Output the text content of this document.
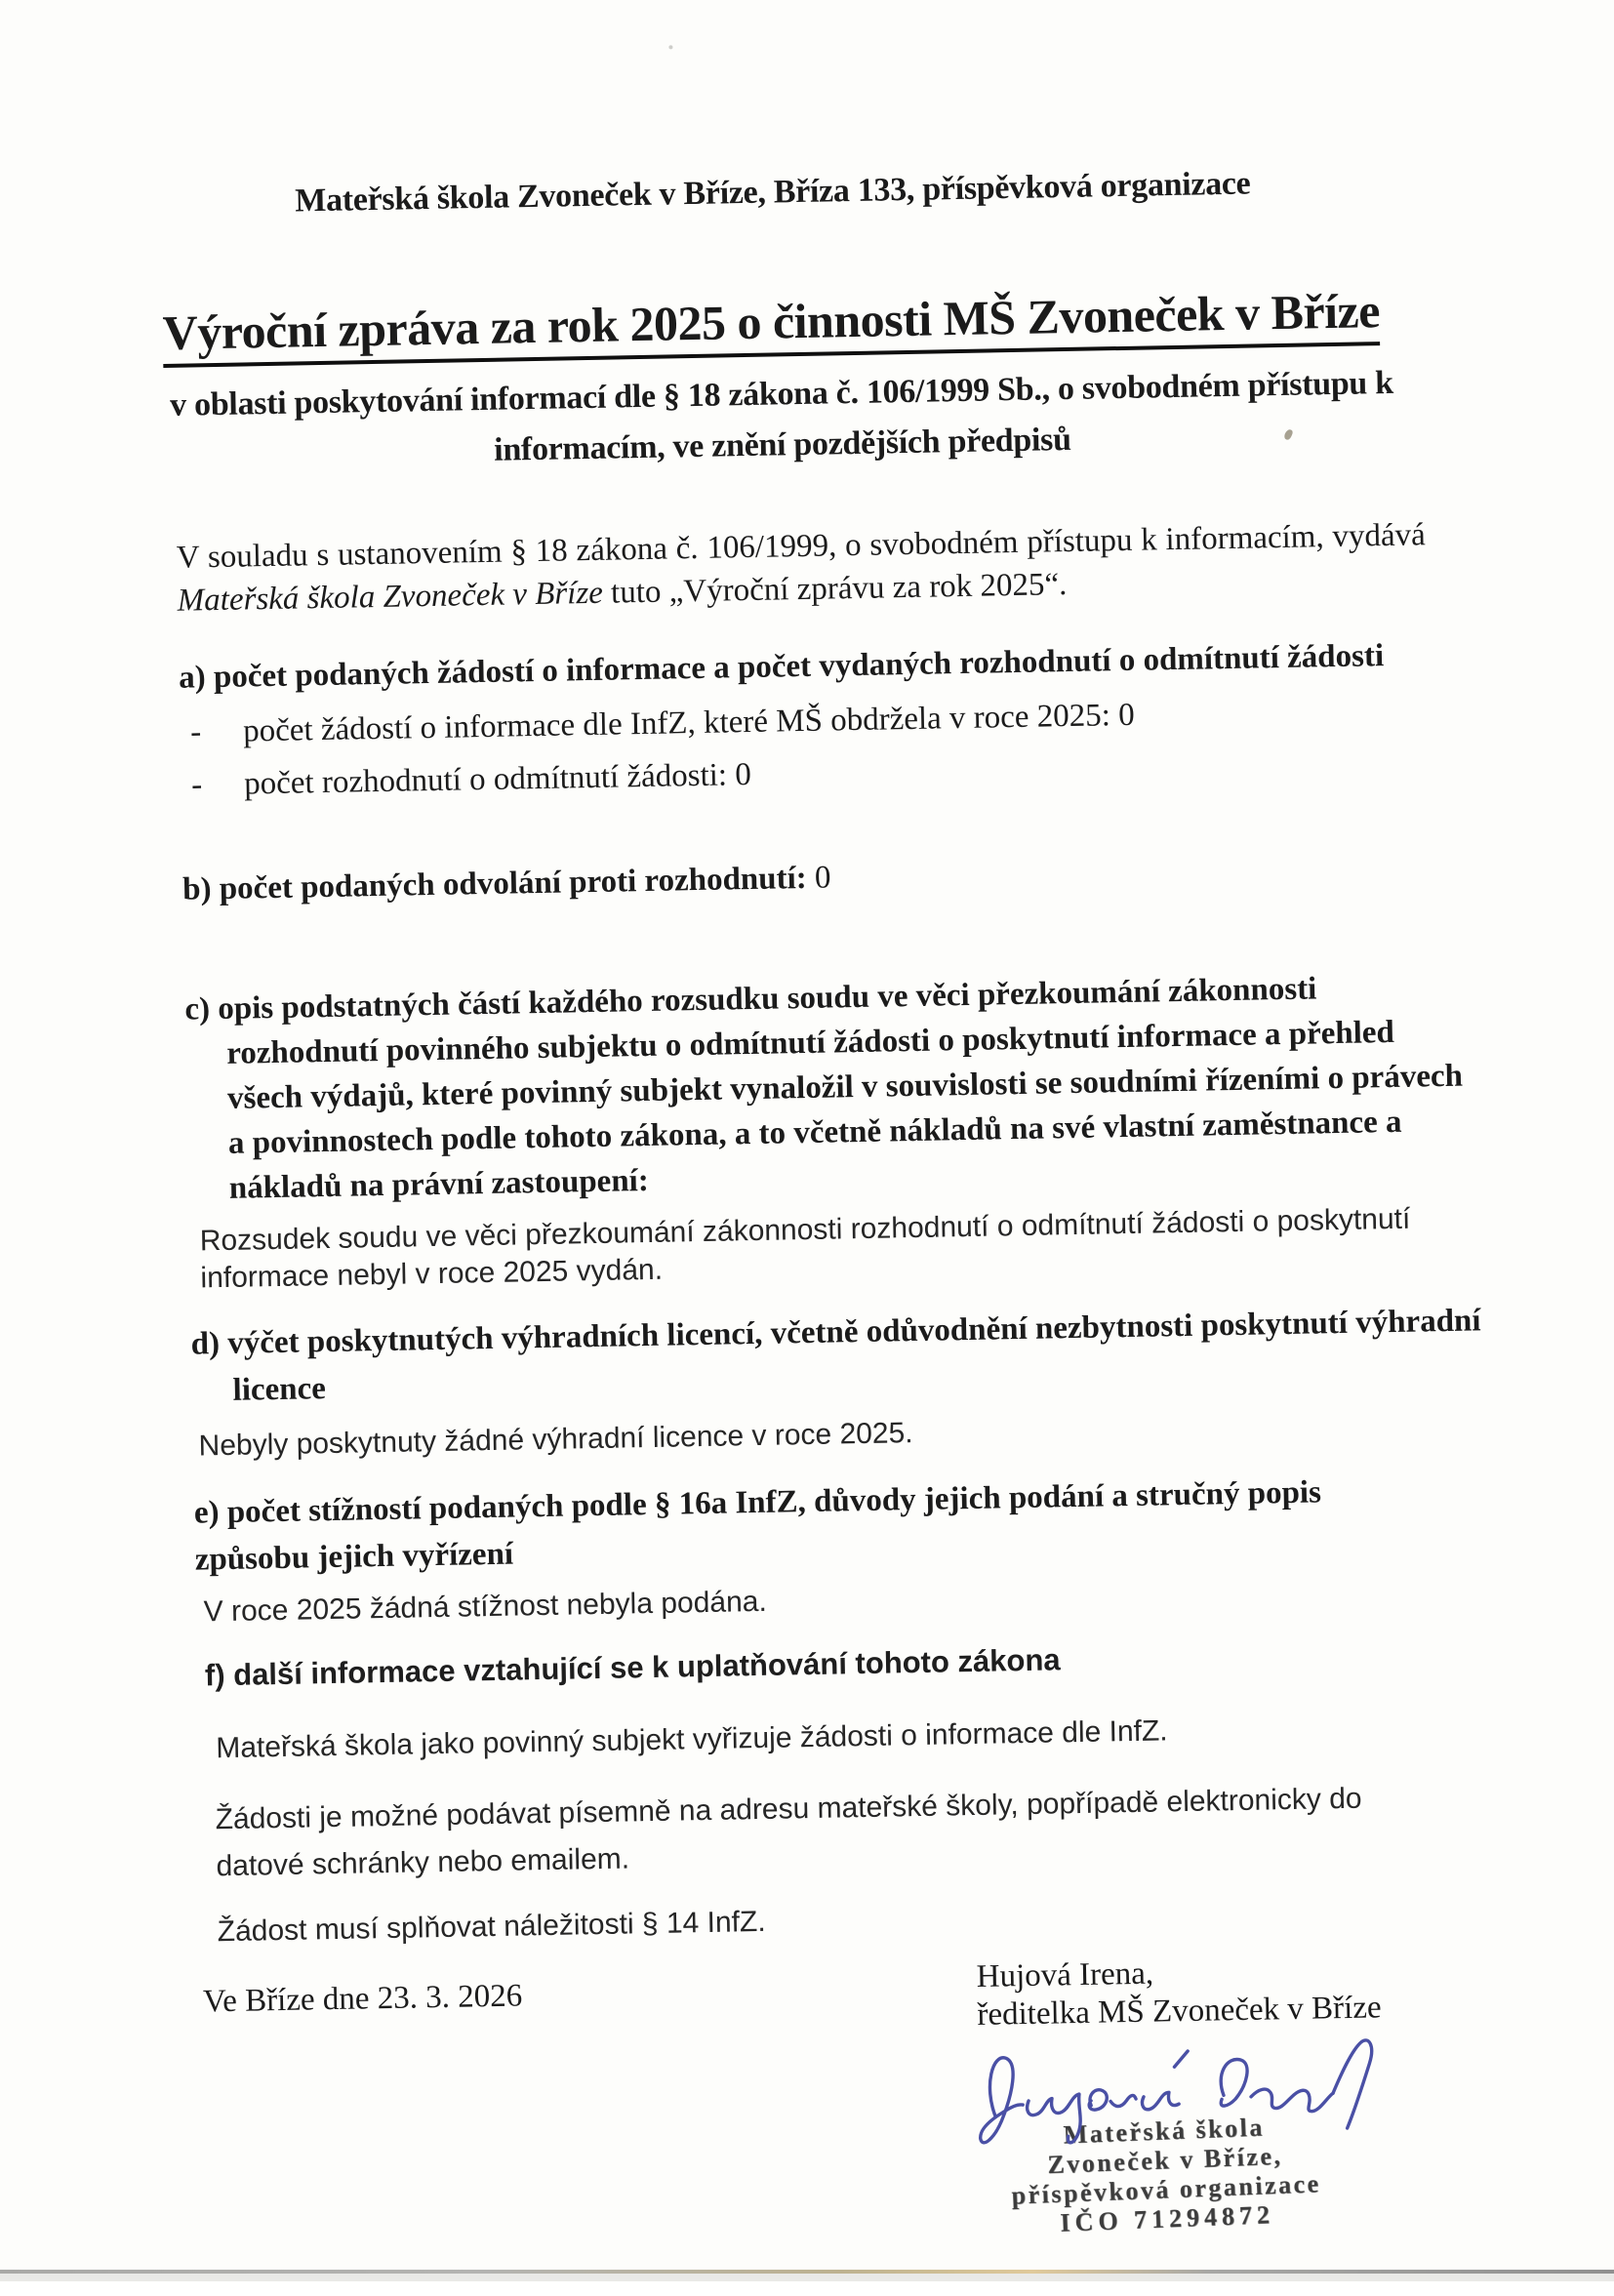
Mateřská škola Zvoneček v Bříze, Bříza 133, příspěvková organizace
Výroční zpráva za rok 2025 o činnosti MŠ Zvoneček v Bříze
v oblasti poskytování informací dle § 18 zákona č. 106/1999 Sb., o svobodném přístupu k informacím, ve znění pozdějších předpisů

V souladu s ustanovením § 18 zákona č. 106/1999, o svobodném přístupu k informacím, vydává Mateřská škola Zvoneček v Bříze tuto „Výroční zprávu za rok 2025“.

a) počet podaných žádostí o informace a počet vydaných rozhodnutí o odmítnutí žádosti
-	počet žádostí o informace dle InfZ, které MŠ obdržela v roce 2025: 0
-	počet rozhodnutí o odmítnutí žádosti: 0
b) počet podaných odvolání proti rozhodnutí: 0
c) opis podstatných částí každého rozsudku soudu ve věci přezkoumání zákonnosti rozhodnutí povinného subjektu o odmítnutí žádosti o poskytnutí informace a přehled všech výdajů, které povinný subjekt vynaložil v souvislosti se soudními řízeními o právech a povinnostech podle tohoto zákona, a to včetně nákladů na své vlastní zaměstnance a nákladů na právní zastoupení:
Rozsudek soudu ve věci přezkoumání zákonnosti rozhodnutí o odmítnutí žádosti o poskytnutí informace nebyl v roce 2025 vydán.
d) výčet poskytnutých výhradních licencí, včetně odůvodnění nezbytnosti poskytnutí výhradní licence
Nebyly poskytnuty žádné výhradní licence v roce 2025.
e) počet stížností podaných podle § 16a InfZ, důvody jejich podání a stručný popis způsobu jejich vyřízení
V roce 2025 žádná stížnost nebyla podána.
f) další informace vztahující se k uplatňování tohoto zákona
Mateřská škola jako povinný subjekt vyřizuje žádosti o informace dle InfZ.
Žádosti je možné podávat písemně na adresu mateřské školy, popřípadě elektronicky do datové schránky nebo emailem.
Žádost musí splňovat náležitosti § 14 InfZ.
Ve Bříze dne 23. 3. 2026
Hujová Irena,
ředitelka MŠ Zvoneček v Bříze
Mateřská škola
Zvoneček v Bříze,
příspěvková organizace
IČO 71294872
